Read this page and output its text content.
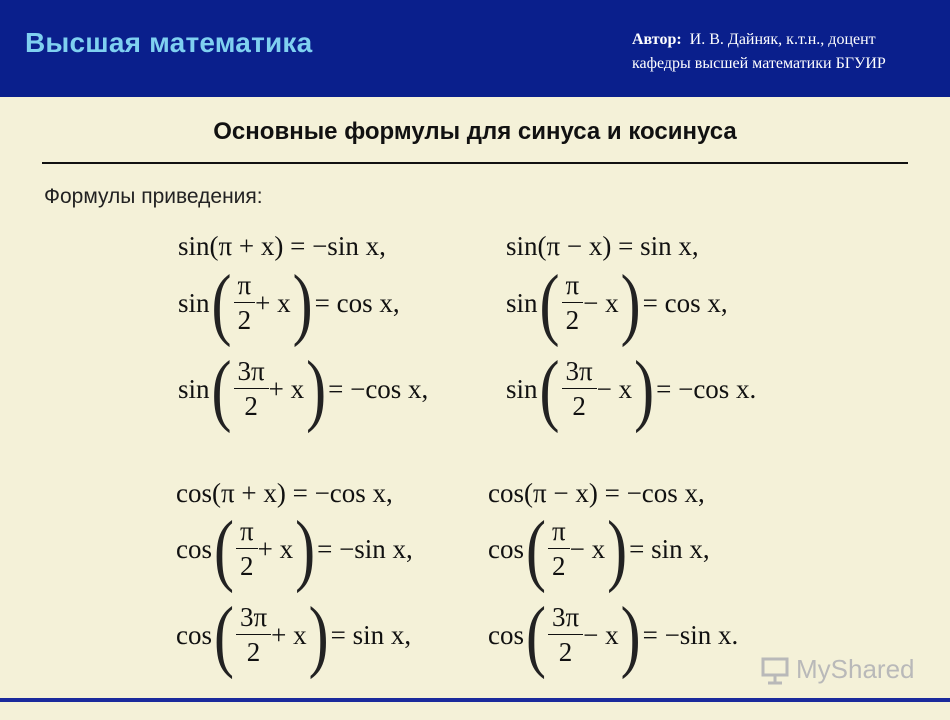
Высшая математика	Автор: И. В. Дайняк, к.т.н., доцент
кафедры высшей математики БГУИР
Основные формулы для синуса и косинуса
Формулы приведения:
sin (π + x) = −sin x,	sin (π − x) = sin x,
sin ( $\frac{\pi}{2} + x$ ) = cos x,	sin ( $\frac{\pi}{2} - x$ ) = cos x,
sin ( $\frac{3\pi}{2} + x$ ) = −cos x,	sin ( $\frac{3\pi}{2} - x$ ) = −cos x.
cos (π + x) = −cos x,	cos (π − x) = −cos x,
cos ( $\frac{\pi}{2} + x$ ) = −sin x,	cos ( $\frac{\pi}{2} - x$ ) = sin x,
cos ( $\frac{3\pi}{2} + x$ ) = sin x,	cos ( $\frac{3\pi}{2} - x$ ) = −sin x.
MyShared
